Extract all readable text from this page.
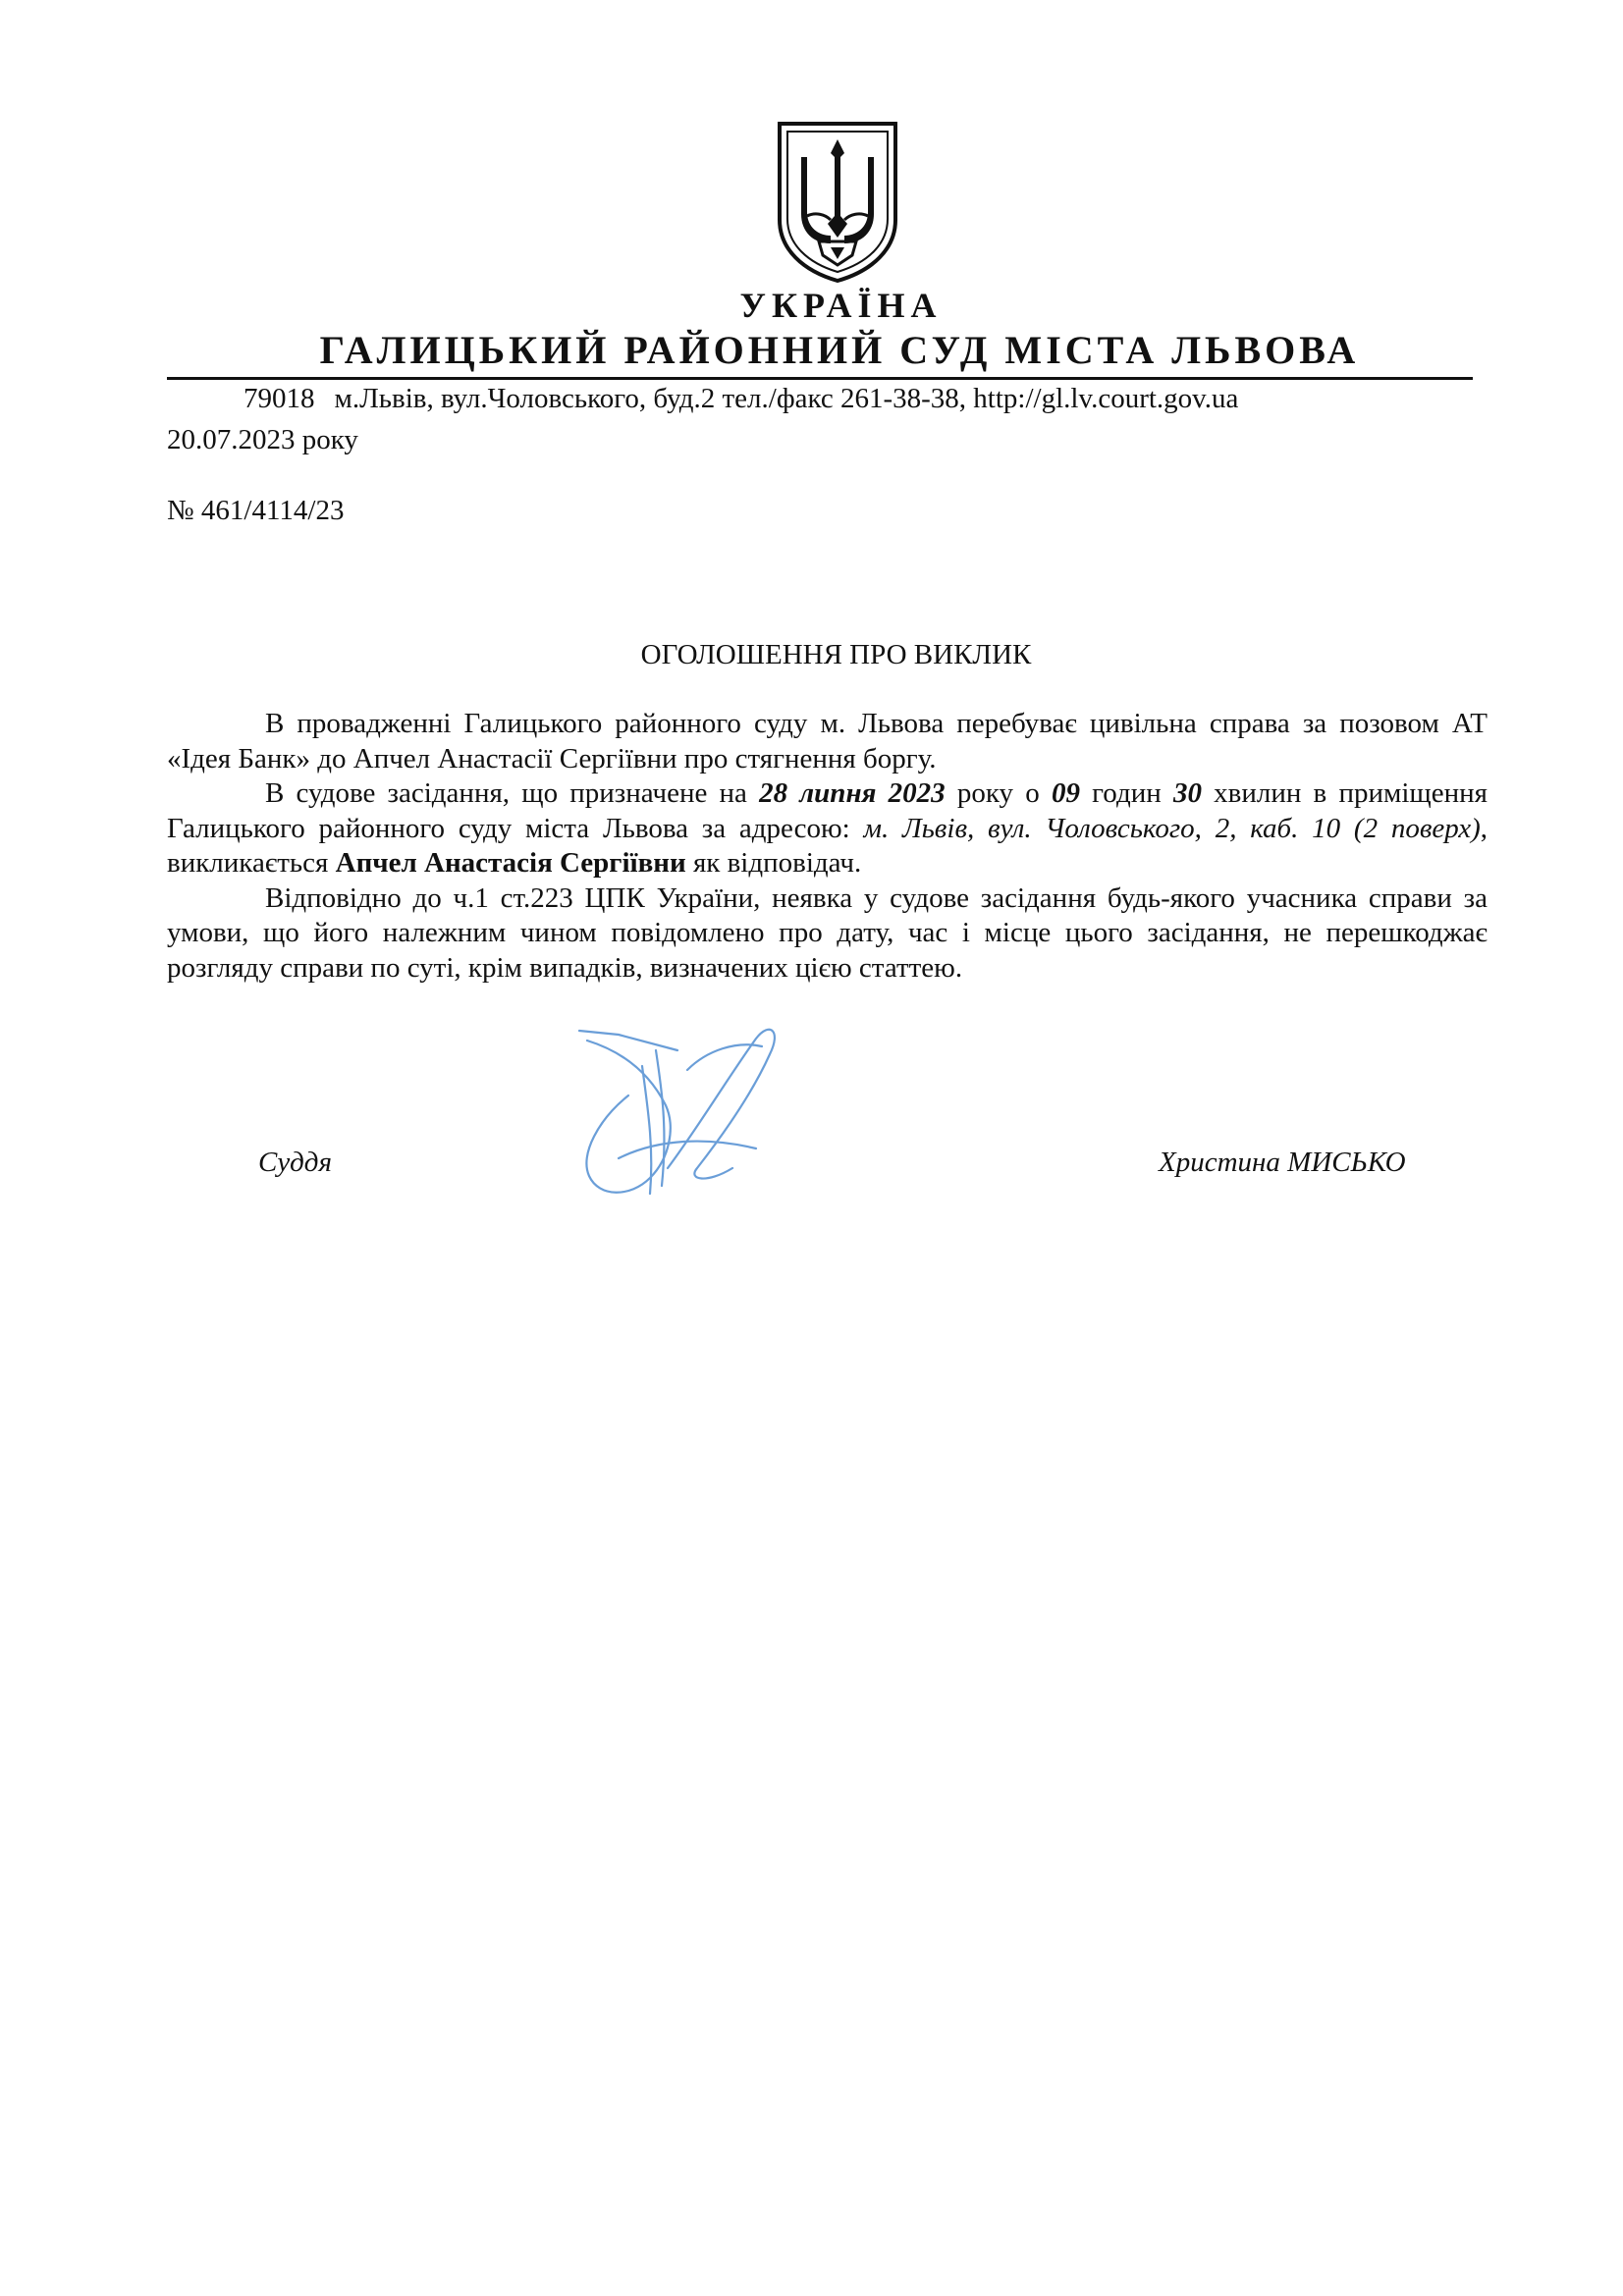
УКРАЇНА
ГАЛИЦЬКИЙ РАЙОННИЙ СУД МІСТА ЛЬВОВА
79018 м.Львів, вул.Чоловського, буд.2 тел./факс 261-38-38, http://gl.lv.court.gov.ua
20.07.2023 року
№ 461/4114/23
ОГОЛОШЕННЯ ПРО ВИКЛИК

В провадженні Галицького районного суду м. Львова перебуває цивільна справа за позовом АТ «Ідея Банк» до Апчел Анастасії Сергіївни про стягнення боргу.

В судове засідання, що призначене на 28 липня 2023 року о 09 годин 30 хвилин в приміщення Галицького районного суду міста Львова за адресою: м. Львів, вул. Чоловського, 2, каб. 10 (2 поверх), викликається Апчел Анастасія Сергіївни як відповідач.

Відповідно до ч.1 ст.223 ЦПК України, неявка у судове засідання будь-якого учасника справи за умови, що його належним чином повідомлено про дату, час і місце цього засідання, не перешкоджає розгляду справи по суті, крім випадків, визначених цією статтею.

Суддя	Христина МИСЬКО
